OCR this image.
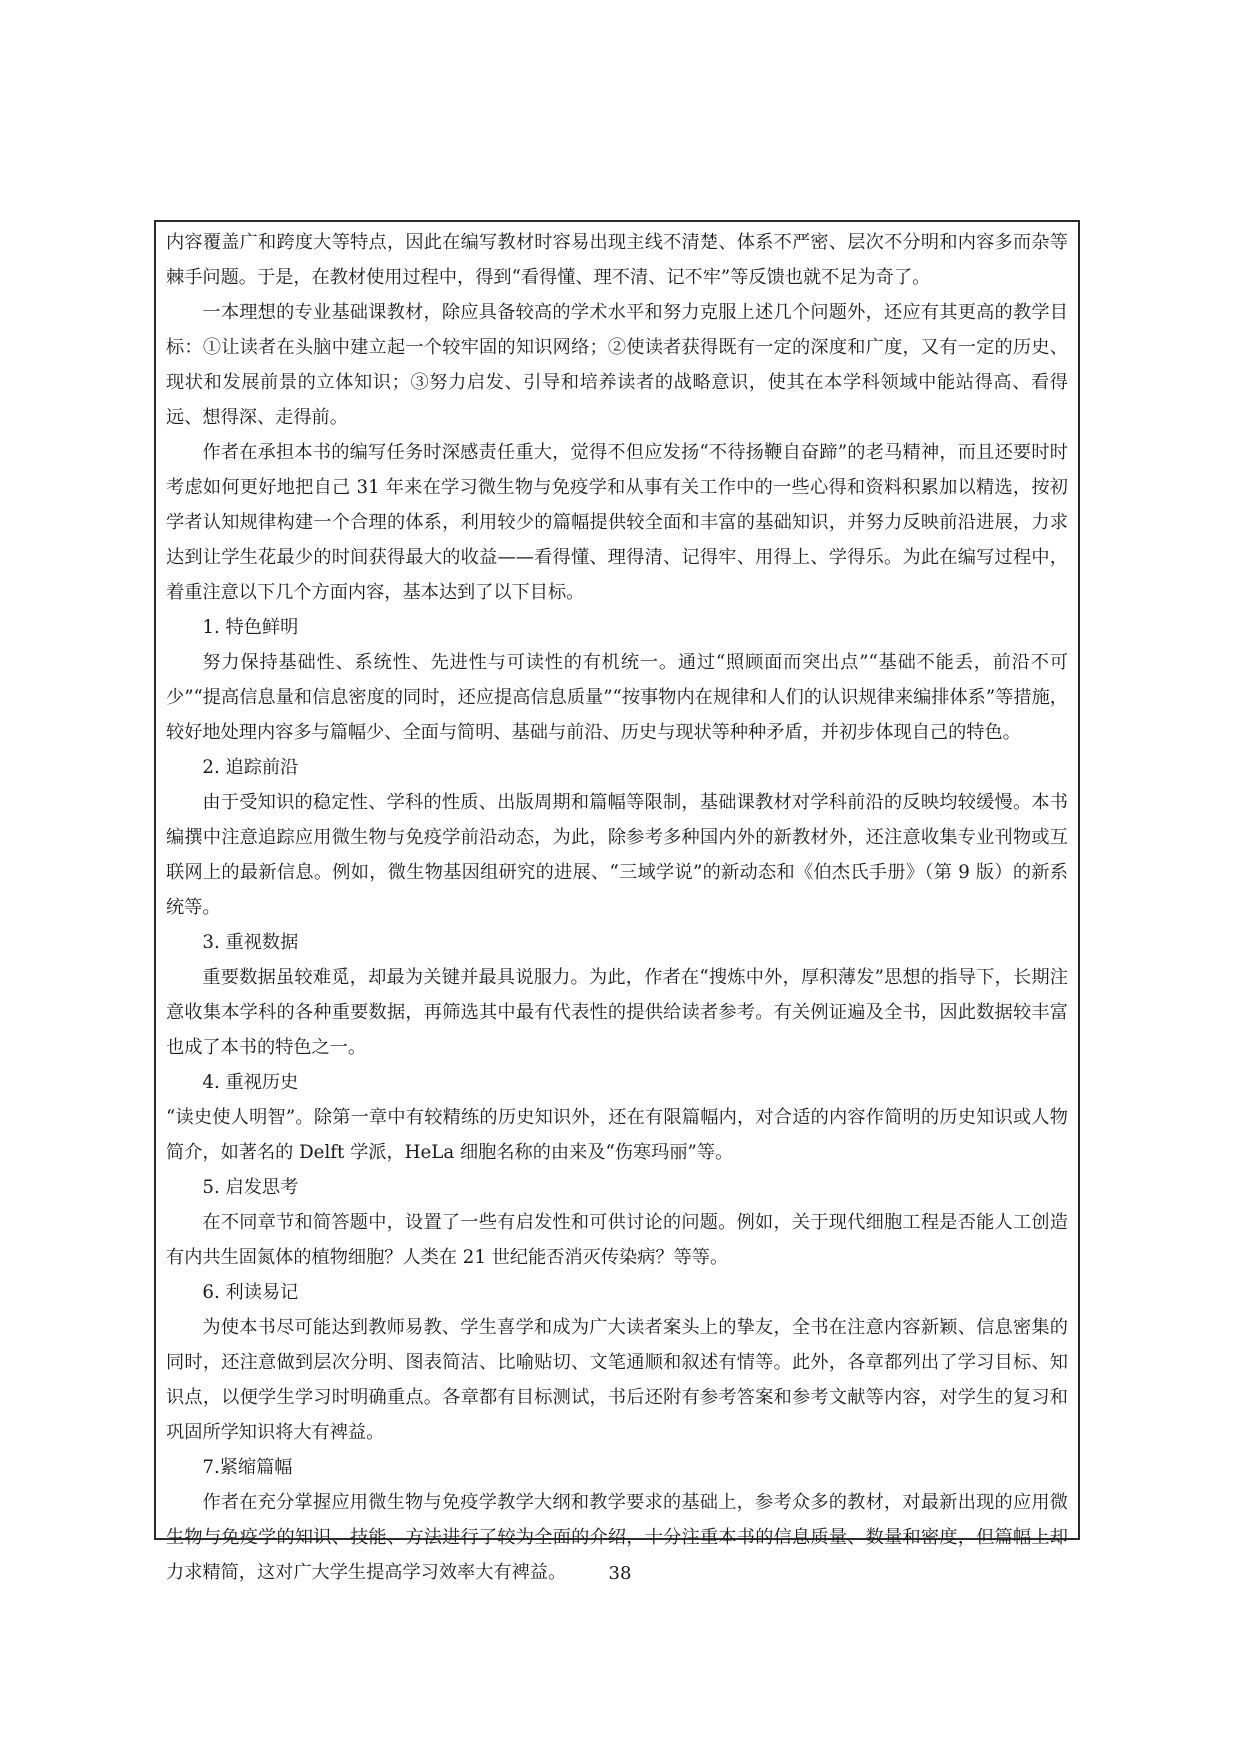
内容覆盖广和跨度大等特点，因此在编写教材时容易出现主线不清楚、体系不严密、层次不分明和内容多而杂等棘手问题。于是，在教材使用过程中，得到“看得懂、理不清、记不牢”等反馈也就不足为奇了。

一本理想的专业基础课教材，除应具备较高的学术水平和努力克服上述几个问题外，还应有其更高的教学目标：①让读者在头脑中建立起一个较牢固的知识网络；②使读者获得既有一定的深度和广度，又有一定的历史、现状和发展前景的立体知识；③努力启发、引导和培养读者的战略意识，使其在本学科领域中能站得高、看得远、想得深、走得前。

作者在承担本书的编写任务时深感责任重大，觉得不但应发扬“不待扬鞭自奋蹄”的老马精神，而且还要时时考虑如何更好地把自己 31 年来在学习微生物与免疫学和从事有关工作中的一些心得和资料积累加以精选，按初学者认知规律构建一个合理的体系，利用较少的篇幅提供较全面和丰富的基础知识，并努力反映前沿进展，力求达到让学生花最少的时间获得最大的收益——看得懂、理得清、记得牢、用得上、学得乐。为此在编写过程中，着重注意以下几个方面内容，基本达到了以下目标。

1. 特色鲜明

努力保持基础性、系统性、先进性与可读性的有机统一。通过“照顾面而突出点”“基础不能丢，前沿不可少”“提高信息量和信息密度的同时，还应提高信息质量”“按事物内在规律和人们的认识规律来编排体系”等措施，较好地处理内容多与篇幅少、全面与简明、基础与前沿、历史与现状等种种矛盾，并初步体现自己的特色。

2. 追踪前沿

由于受知识的稳定性、学科的性质、出版周期和篇幅等限制，基础课教材对学科前沿的反映均较缓慢。本书编撰中注意追踪应用微生物与免疫学前沿动态，为此，除参考多种国内外的新教材外，还注意收集专业刊物或互联网上的最新信息。例如，微生物基因组研究的进展、“三域学说”的新动态和《伯杰氏手册》（第 9 版）的新系统等。

3. 重视数据

重要数据虽较难觅，却最为关键并最具说服力。为此，作者在“搜炼中外，厚积薄发”思想的指导下，长期注意收集本学科的各种重要数据，再筛选其中最有代表性的提供给读者参考。有关例证遍及全书，因此数据较丰富也成了本书的特色之一。

4. 重视历史

“读史使人明智”。除第一章中有较精练的历史知识外，还在有限篇幅内，对合适的内容作简明的历史知识或人物简介，如著名的 Delft 学派，HeLa 细胞名称的由来及“伤寒玛丽”等。

5. 启发思考

在不同章节和简答题中，设置了一些有启发性和可供讨论的问题。例如，关于现代细胞工程是否能人工创造有内共生固氮体的植物细胞？人类在 21 世纪能否消灭传染病？等等。

6. 利读易记

为使本书尽可能达到教师易教、学生喜学和成为广大读者案头上的挚友，全书在注意内容新颖、信息密集的同时，还注意做到层次分明、图表简洁、比喻贴切、文笔通顺和叙述有情等。此外，各章都列出了学习目标、知识点，以便学生学习时明确重点。各章都有目标测试，书后还附有参考答案和参考文献等内容，对学生的复习和巩固所学知识将大有裨益。

7.紧缩篇幅

作者在充分掌握应用微生物与免疫学教学大纲和教学要求的基础上，参考众多的教材，对最新出现的应用微生物与免疫学的知识、技能、方法进行了较为全面的介绍，十分注重本书的信息质量、数量和密度，但篇幅上却力求精简，这对广大学生提高学习效率大有裨益。	38
